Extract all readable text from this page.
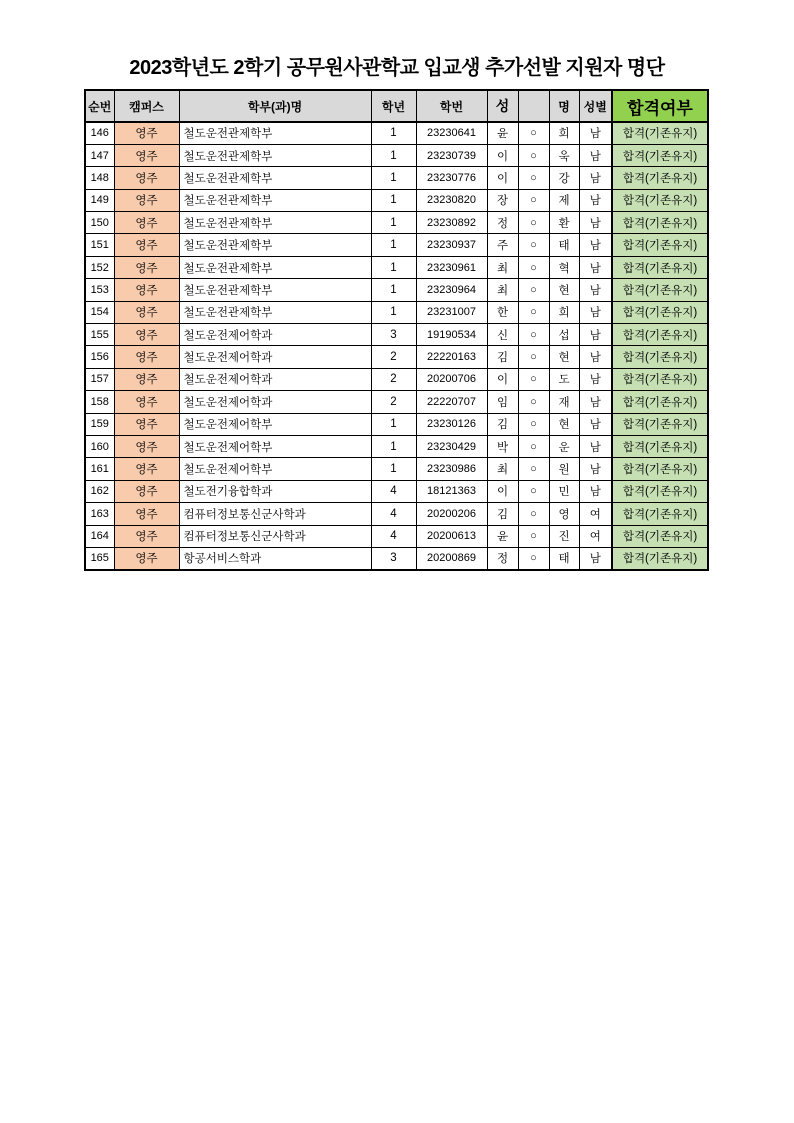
2023학년도 2학기 공무원사관학교 입교생 추가선발 지원자 명단
순번	캠퍼스	학부(과)명	학년	학번	성		명	성별	합격여부
146	영주	철도운전관제학부	1	23230641	윤	○	희	남	합격(기존유지)
147	영주	철도운전관제학부	1	23230739	이	○	욱	남	합격(기존유지)
148	영주	철도운전관제학부	1	23230776	이	○	강	남	합격(기존유지)
149	영주	철도운전관제학부	1	23230820	장	○	제	남	합격(기존유지)
150	영주	철도운전관제학부	1	23230892	정	○	환	남	합격(기존유지)
151	영주	철도운전관제학부	1	23230937	주	○	태	남	합격(기존유지)
152	영주	철도운전관제학부	1	23230961	최	○	혁	남	합격(기존유지)
153	영주	철도운전관제학부	1	23230964	최	○	현	남	합격(기존유지)
154	영주	철도운전관제학부	1	23231007	한	○	희	남	합격(기존유지)
155	영주	철도운전제어학과	3	19190534	신	○	섭	남	합격(기존유지)
156	영주	철도운전제어학과	2	22220163	김	○	현	남	합격(기존유지)
157	영주	철도운전제어학과	2	20200706	이	○	도	남	합격(기존유지)
158	영주	철도운전제어학과	2	22220707	임	○	재	남	합격(기존유지)
159	영주	철도운전제어학부	1	23230126	김	○	현	남	합격(기존유지)
160	영주	철도운전제어학부	1	23230429	박	○	운	남	합격(기존유지)
161	영주	철도운전제어학부	1	23230986	최	○	원	남	합격(기존유지)
162	영주	철도전기융합학과	4	18121363	이	○	민	남	합격(기존유지)
163	영주	컴퓨터정보통신군사학과	4	20200206	김	○	영	여	합격(기존유지)
164	영주	컴퓨터정보통신군사학과	4	20200613	윤	○	진	여	합격(기존유지)
165	영주	항공서비스학과	3	20200869	정	○	태	남	합격(기존유지)
